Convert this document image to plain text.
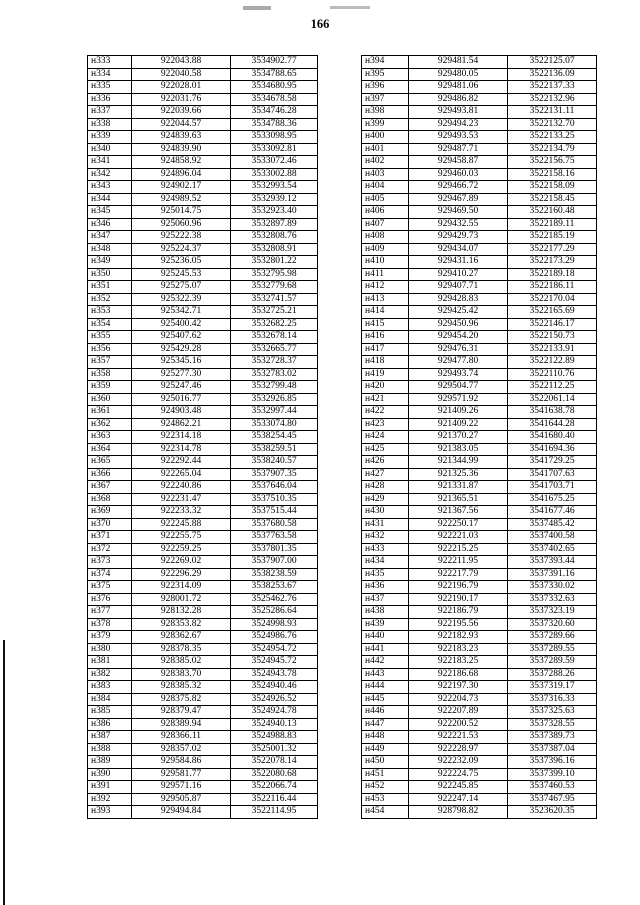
166
н333	922043.88	3534902.77
н334	922040.58	3534788.65
н335	922028.01	3534680.95
н336	922031.76	3534678.58
н337	922039.66	3534746.28
н338	922044.57	3534788.36
н339	924839.63	3533098.95
н340	924839.90	3533092.81
н341	924858.92	3533072.46
н342	924896.04	3533002.88
н343	924902.17	3532993.54
н344	924989.52	3532939.12
н345	925014.75	3532923.40
н346	925060.96	3532897.89
н347	925222.38	3532808.76
н348	925224.37	3532808.91
н349	925236.05	3532801.22
н350	925245.53	3532795.98
н351	925275.07	3532779.68
н352	925322.39	3532741.57
н353	925342.71	3532725.21
н354	925400.42	3532682.25
н355	925407.62	3532678.14
н356	925429.28	3532665.77
н357	925345.16	3532728.37
н358	925277.30	3532783.02
н359	925247.46	3532799.48
н360	925016.77	3532926.85
н361	924903.48	3532997.44
н362	924862.21	3533074.80
н363	922314.18	3538254.45
н364	922314.78	3538259.51
н365	922292.44	3538240.57
н366	922265.04	3537907.35
н367	922240.86	3537646.04
н368	922231.47	3537510.35
н369	922233.32	3537515.44
н370	922245.88	3537680.58
н371	922255.75	3537763.58
н372	922259.25	3537801.35
н373	922269.02	3537907.00
н374	922296.29	3538238.59
н375	922314.09	3538253.67
н376	928001.72	3525462.76
н377	928132.28	3525286.64
н378	928353.82	3524998.93
н379	928362.67	3524986.76
н380	928378.35	3524954.72
н381	928385.02	3524945.72
н382	928383.70	3524943.78
н383	928385.32	3524940.46
н384	928375.82	3524926.52
н385	928379.47	3524924.78
н386	928389.94	3524940.13
н387	928366.11	3524988.83
н388	928357.02	3525001.32
н389	929584.86	3522078.14
н390	929581.77	3522080.68
н391	929571.16	3522066.74
н392	929505.87	3522116.44
н393	929494.84	3522114.95
н394	929481.54	3522125.07
н395	929480.05	3522136.09
н396	929481.06	3522137.33
н397	929486.82	3522132.96
н398	929493.81	3522131.11
н399	929494.23	3522132.70
н400	929493.53	3522133.25
н401	929487.71	3522134.79
н402	929458.87	3522156.75
н403	929460.03	3522158.16
н404	929466.72	3522158.09
н405	929467.89	3522158.45
н406	929469.50	3522160.48
н407	929432.55	3522189.11
н408	929429.73	3522185.19
н409	929434.07	3522177.29
н410	929431.16	3522173.29
н411	929410.27	3522189.18
н412	929407.71	3522186.11
н413	929428.83	3522170.04
н414	929425.42	3522165.69
н415	929450.96	3522146.17
н416	929454.20	3522150.73
н417	929476.31	3522133.91
н418	929477.80	3522122.89
н419	929493.74	3522110.76
н420	929504.77	3522112.25
н421	929571.92	3522061.14
н422	921409.26	3541638.78
н423	921409.22	3541644.28
н424	921370.27	3541680.40
н425	921383.05	3541694.36
н426	921344.99	3541729.25
н427	921325.36	3541707.63
н428	921331.87	3541703.71
н429	921365.51	3541675.25
н430	921367.56	3541677.46
н431	922250.17	3537485.42
н432	922221.03	3537400.58
н433	922215.25	3537402.65
н434	922211.95	3537393.44
н435	922217.79	3537391.16
н436	922196.79	3537330.02
н437	922190.17	3537332.63
н438	922186.79	3537323.19
н439	922195.56	3537320.60
н440	922182.93	3537289.66
н441	922183.23	3537289.55
н442	922183.25	3537289.59
н443	922186.68	3537288.26
н444	922197.30	3537319.17
н445	922204.73	3537316.33
н446	922207.89	3537325.63
н447	922200.52	3537328.55
н448	922221.53	3537389.73
н449	922228.97	3537387.04
н450	922232.09	3537396.16
н451	922224.75	3537399.10
н452	922245.85	3537460.53
н453	922247.14	3537467.95
н454	928798.82	3523620.35
